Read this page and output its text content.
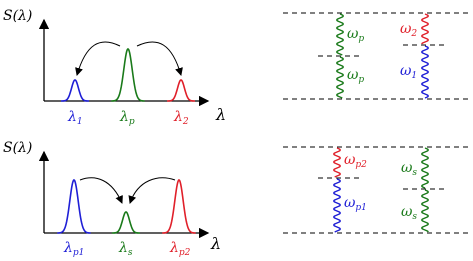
S(λ)
λ
$\lambda_1$	$\lambda_p$	$\lambda_2$
S(λ)
λ
$\lambda_{p1}$ $\lambda_s$	$\lambda_{p2}$
$\omega_p$
$\omega_p$
$\omega_2$
$\omega_1$
$\omega_{p2}$
$\omega_{p1}$
$\omega_s$
$\omega_s$
